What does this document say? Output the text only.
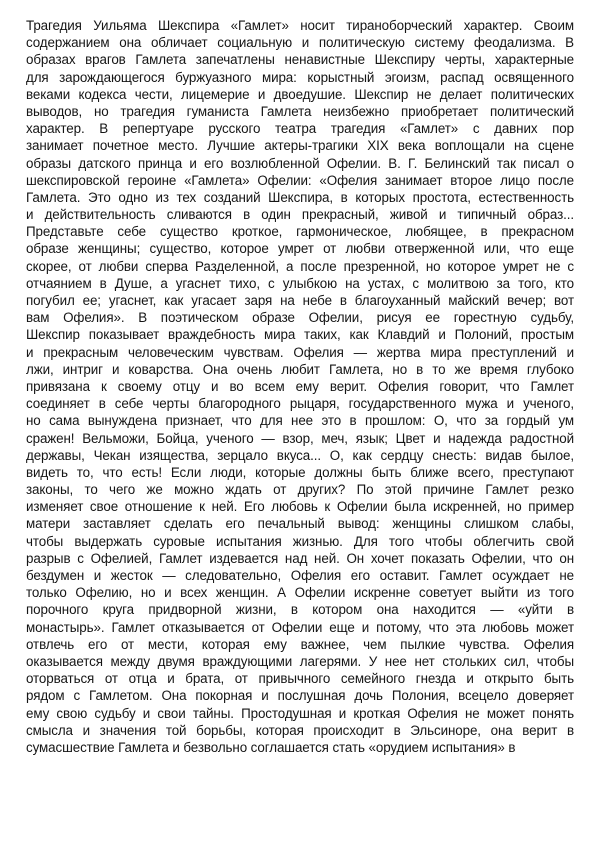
Трагедия Уильяма Шекспира «Гамлет» носит тираноборческий характер. Своим
содержанием она обличает социальную и политическую систему феодализма. В
образах врагов Гамлета запечатлены ненавистные Шекспиру черты, характерные
для зарождающегося буржуазного мира: корыстный эгоизм, распад освященного
веками кодекса чести, лицемерие и двоедушие. Шекспир не делает политических
выводов, но трагедия гуманиста Гамлета неизбежно приобретает политический
характер. В репертуаре русского театра трагедия «Гамлет» с давних пор
занимает почетное место. Лучшие актеры-трагики XIX века воплощали на сцене
образы датского принца и его возлюбленной Офелии. В. Г. Белинский так писал о
шекспировской героине «Гамлета» Офелии: «Офелия занимает второе лицо после
Гамлета. Это одно из тех созданий Шекспира, в которых простота, естественность
и действительность сливаются в один прекрасный, живой и типичный образ...
Представьте себе существо кроткое, гармоническое, любящее, в прекрасном
образе женщины; существо, которое умрет от любви отверженной или, что еще
скорее, от любви сперва Разделенной, а после презренной, но которое умрет не с
отчаянием в Душе, а угаснет тихо, с улыбкою на устах, с молитвою за того, кто
погубил ее; угаснет, как угасает заря на небе в благоуханный майский вечер; вот
вам Офелия». В поэтическом образе Офелии, рисуя ее горестную судьбу,
Шекспир показывает враждебность мира таких, как Клавдий и Полоний, простым
и прекрасным человеческим чувствам. Офелия — жертва мира преступлений и
лжи, интриг и коварства. Она очень любит Гамлета, но в то же время глубоко
привязана к своему отцу и во всем ему верит. Офелия говорит, что Гамлет
соединяет в себе черты благородного рыцаря, государственного мужа и ученого,
но сама вынуждена признает, что для нее это в прошлом: О, что за гордый ум
сражен! Вельможи, Бойца, ученого — взор, меч, язык; Цвет и надежда радостной
державы, Чекан изящества, зерцало вкуса... О, как сердцу снесть: видав былое,
видеть то, что есть! Если люди, которые должны быть ближе всего, преступают
законы, то чего же можно ждать от других? По этой причине Гамлет резко
изменяет свое отношение к ней. Его любовь к Офелии была искренней, но пример
матери заставляет сделать его печальный вывод: женщины слишком слабы,
чтобы выдержать суровые испытания жизнью. Для того чтобы облегчить свой
разрыв с Офелией, Гамлет издевается над ней. Он хочет показать Офелии, что он
бездумен и жесток — следовательно, Офелия его оставит. Гамлет осуждает не
только Офелию, но и всех женщин. А Офелии искренне советует выйти из того
порочного круга придворной жизни, в котором она находится — «уйти в
монастырь». Гамлет отказывается от Офелии еще и потому, что эта любовь может
отвлечь его от мести, которая ему важнее, чем пылкие чувства. Офелия
оказывается между двумя враждующими лагерями. У нее нет стольких сил, чтобы
оторваться от отца и брата, от привычного семейного гнезда и открыто быть
рядом с Гамлетом. Она покорная и послушная дочь Полония, всецело доверяет
ему свою судьбу и свои тайны. Простодушная и кроткая Офелия не может понять
смысла и значения той борьбы, которая происходит в Эльсиноре, она верит в
сумасшествие Гамлета и безвольно соглашается стать «орудием испытания» в
